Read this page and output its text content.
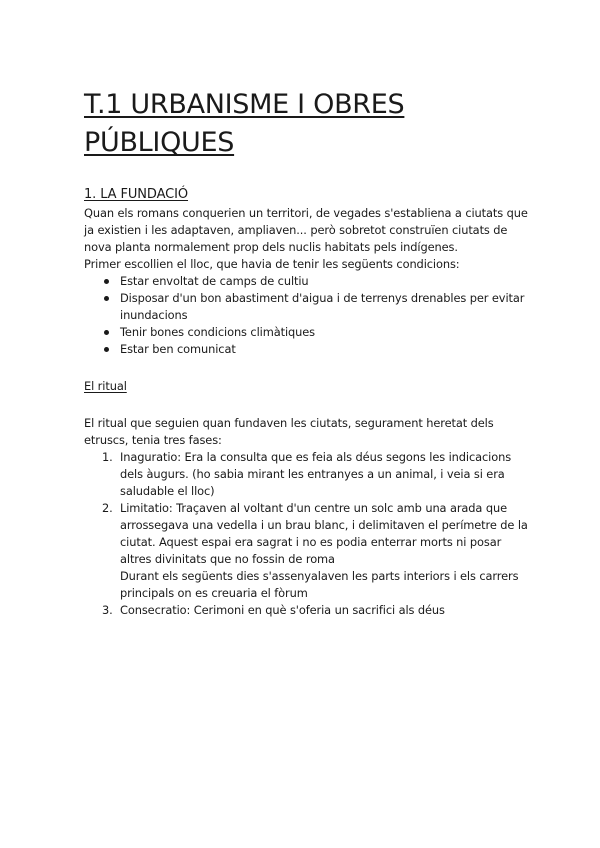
T.1 URBANISME I OBRES PÚBLIQUES
1. LA FUNDACIÓ

Quan els romans conquerien un territori, de vegades s'establiena a ciutats que ja existien i les adaptaven, ampliaven... però sobretot construïen ciutats de nova planta normalement prop dels nuclis habitats pels indígenes.

Primer escollien el lloc, que havia de tenir les següents condicions:

Estar envoltat de camps de cultiu
Disposar d'un bon abastiment d'aigua i de terrenys drenables per evitar inundacions
Tenir bones condicions climàtiques
Estar ben comunicat
El ritual

El ritual que seguien quan fundaven les ciutats, segurament heretat dels etruscs, tenia tres fases:

1. Inaguratio: Era la consulta que es feia als déus segons les indicacions dels àugurs. (ho sabia mirant les entranyes a un animal, i veia si era saludable el lloc)
2. Limitatio: Traçaven al voltant d'un centre un solc amb una arada que arrossegava una vedella i un brau blanc, i delimitaven el perímetre de la ciutat. Aquest espai era sagrat i no es podia enterrar morts ni posar altres divinitats que no fossin de roma
Durant els següents dies s'assenyalaven les parts interiors i els carrers principals on es creuaria el fòrum
3. Consecratio: Cerimoni en què s'oferia un sacrifici als déus
